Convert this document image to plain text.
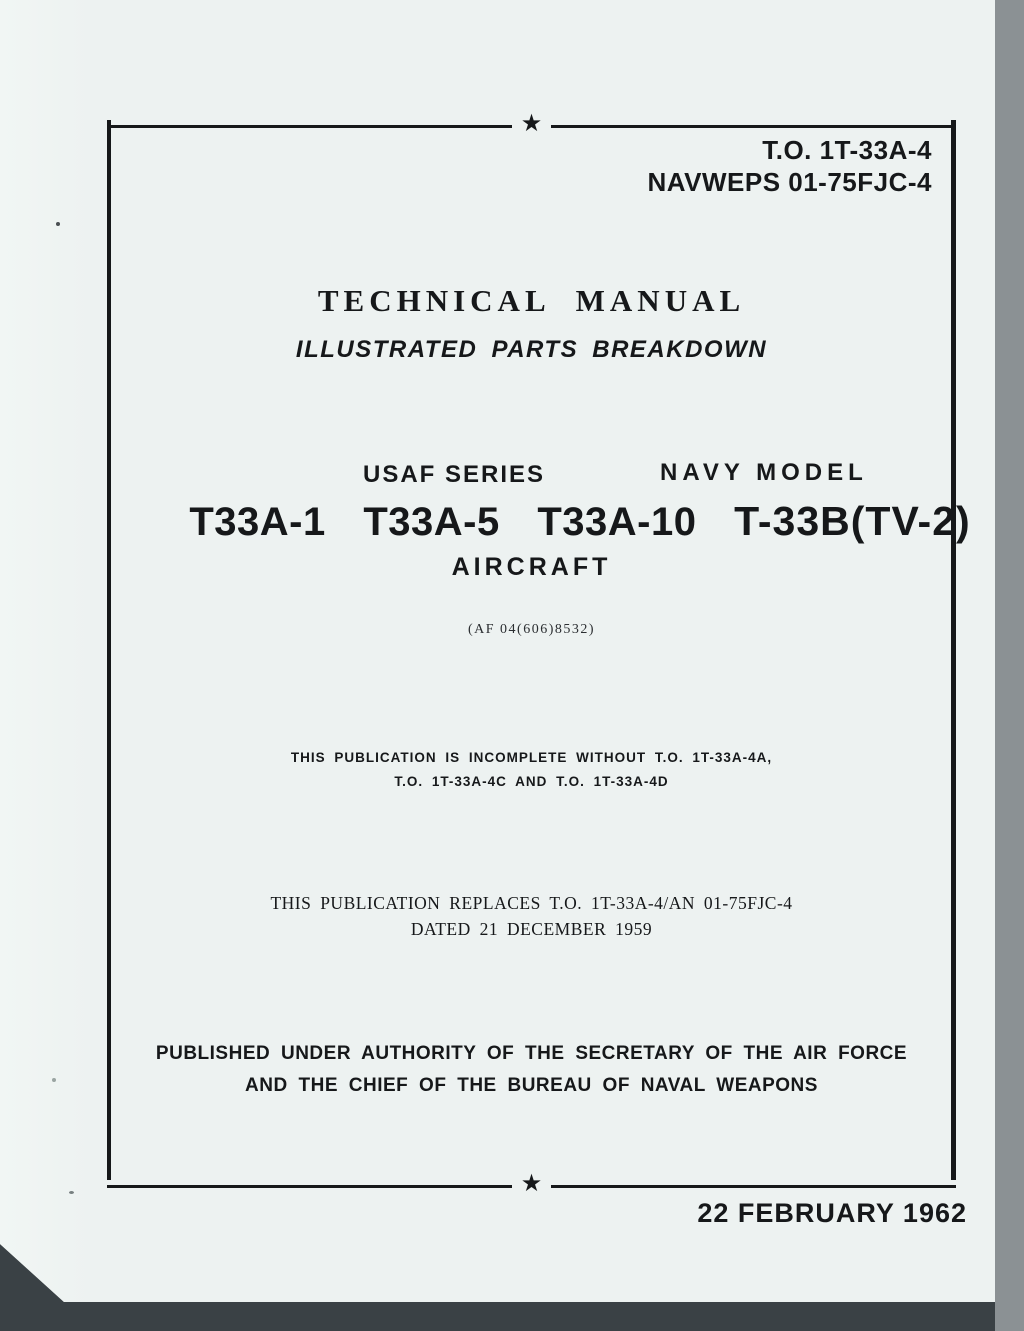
★
★
T.O. 1T-33A-4
NAVWEPS 01-75FJC-4
TECHNICAL MANUAL
ILLUSTRATED PARTS BREAKDOWN
USAF SERIES	NAVY MODEL
T33A-1 T33A-5 T33A-10 T-33B(TV-2)
AIRCRAFT
(AF 04(606)8532)
THIS PUBLICATION IS INCOMPLETE WITHOUT T.O. 1T-33A-4A,
T.O. 1T-33A-4C AND T.O. 1T-33A-4D
THIS PUBLICATION REPLACES T.O. 1T-33A-4/AN 01-75FJC-4
DATED 21 DECEMBER 1959
PUBLISHED UNDER AUTHORITY OF THE SECRETARY OF THE AIR FORCE
AND THE CHIEF OF THE BUREAU OF NAVAL WEAPONS
22 FEBRUARY 1962
